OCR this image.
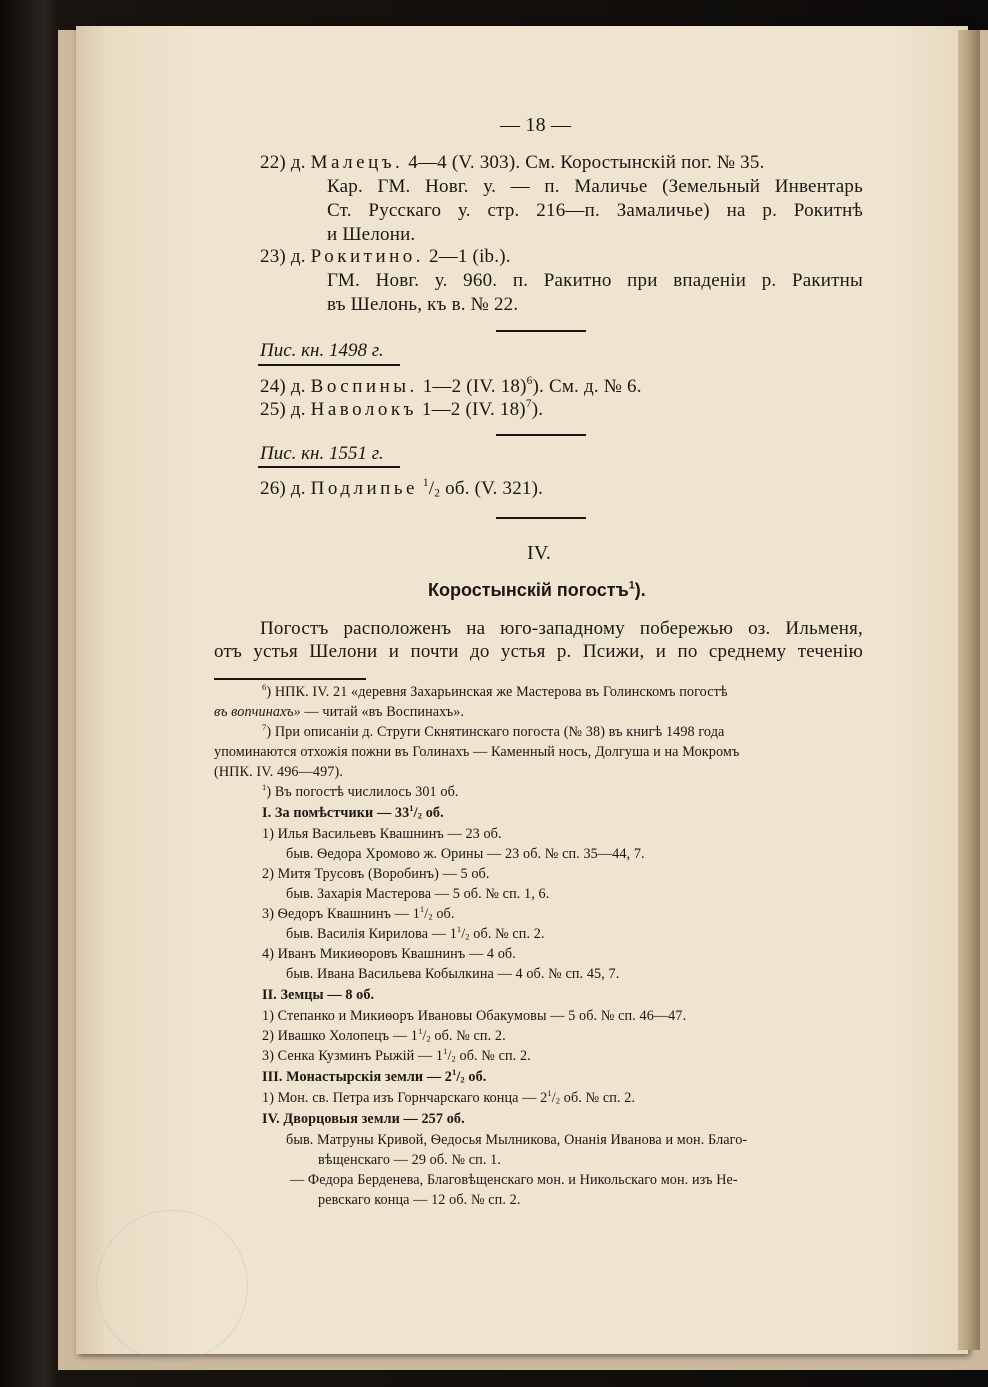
— 18 —
22) д. Малецъ. 4—4 (V. 303). См. Коростынскій пог. № 35.
Кар. ГМ. Новг. у. — п. Маличье (Земельный Инвентарь
Ст. Русскаго у. стр. 216—п. Замаличье) на р. Рокитнѣ
и Шелони.
23) д. Рокитино. 2—1 (ib.).
ГМ. Новг. у. 960. п. Ракитно при впаденіи р. Ракитны
въ Шелонь, къ в. № 22.
Пис. кн. 1498 г.
24) д. Воспины. 1—2 (IV. 18)$^6$). См. д. № 6.
25) д. Наволокъ 1—2 (IV. 18)$^7$).
Пис. кн. 1551 г.
26) д. Подлипье $^1/_2$ об. (V. 321).
IV.
Коростынскій погостъ$^1$).
Погостъ расположенъ на юго-западному побережью оз. Ильменя,
отъ устья Шелони и почти до устья р. Псижи, и по среднему теченію
$^6$) НПК. IV. 21 «деревня Захарьинская же Мастерова въ Голинскомъ погостѣ
въ вопчинахъ» — читай «въ Воспинахъ».
$^7$) При описаніи д. Струги Скнятинскаго погоста (№ 38) въ книгѣ 1498 года
упоминаются отхожія пожни въ Голинахъ — Каменный носъ, Долгуша и на Мокромъ
(НПК. IV. 496—497).
$^1$) Въ погостѣ числилось 301 об.
I. За помѣстчики — $33^1/_2$ об.
1) Илья Васильевъ Квашнинъ — 23 об.
быв. Ѳедора Хромово ж. Орины — 23 об. № сп. 35—44, 7.
2) Митя Трусовъ (Воробинъ) — 5 об.
быв. Захарія Мастерова — 5 об. № сп. 1, 6.
3) Ѳедоръ Квашнинъ — $1^1/_2$ об.
быв. Василія Кирилова — $1^1/_2$ об. № сп. 2.
4) Иванъ Микиѳоровъ Квашнинъ — 4 об.
быв. Ивана Васильева Кобылкина — 4 об. № сп. 45, 7.
II. Земцы — 8 об.
1) Степанко и Микиѳоръ Ивановы Обакумовы — 5 об. № сп. 46—47.
2) Ивашко Холопецъ — $1^1/_2$ об. № сп. 2.
3) Сенка Кузминъ Рыжій — $1^1/_2$ об. № сп. 2.
III. Монастырскія земли — $2^1/_2$ об.
1) Мон. св. Петра изъ Горнчарскаго конца — $2^1/_2$ об. № сп. 2.
IV. Дворцовыя земли — 257 об.
быв. Матруны Кривой, Ѳедосья Мылникова, Онанія Иванова и мон. Благо-
вѣщенскаго — 29 об. № сп. 1.
— Федора Берденева, Благовѣщенскаго мон. и Никольскаго мон. изъ Не-
ревскаго конца — 12 об. № сп. 2.
